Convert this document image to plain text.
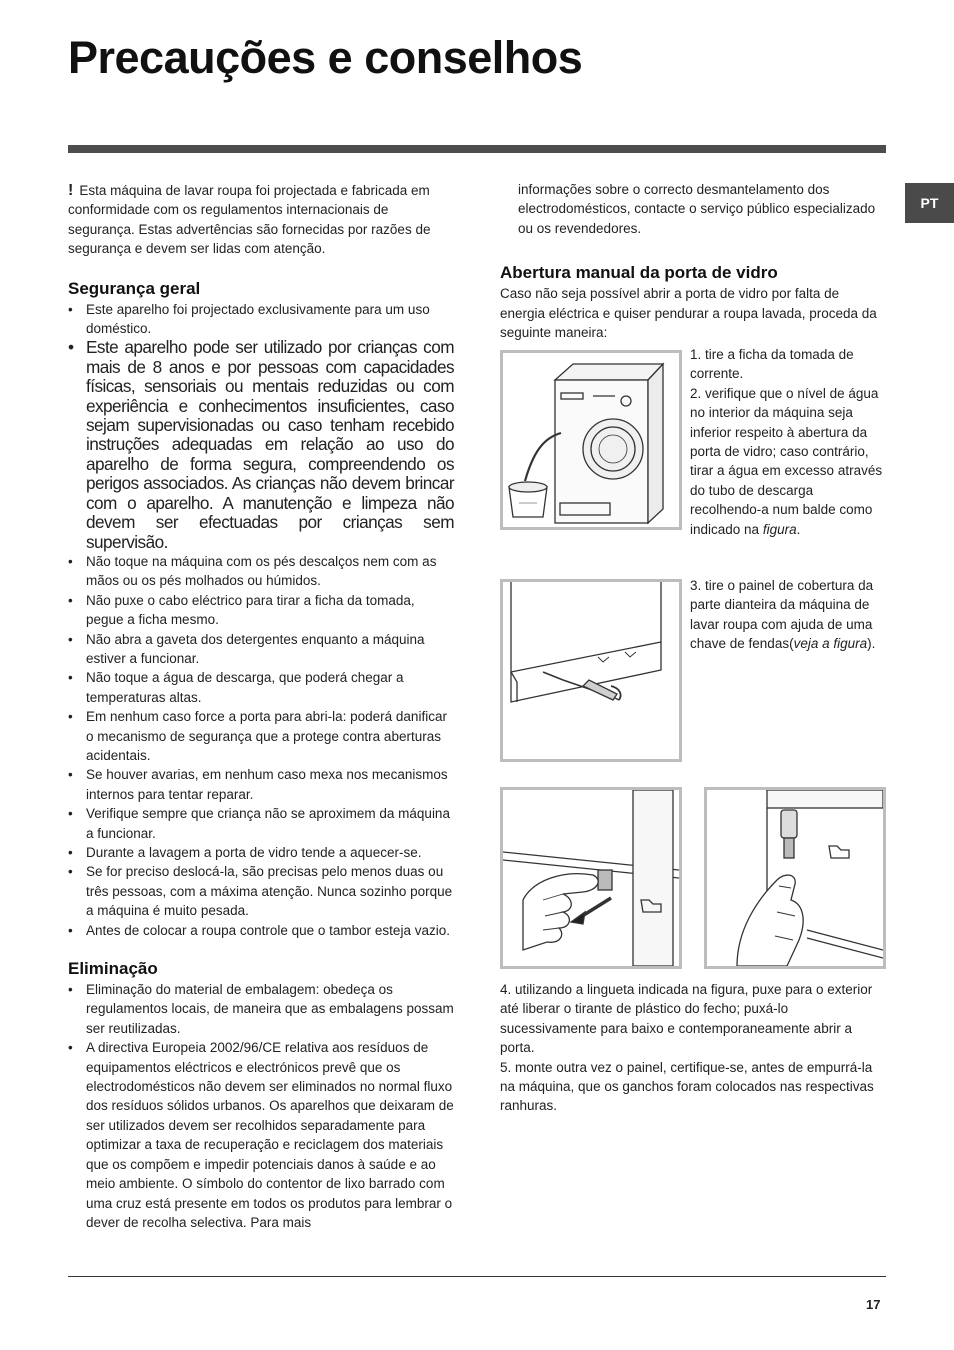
Precauções e conselhos
PT

! Esta máquina de lavar roupa foi projectada e fabricada em conformidade com os regulamentos internacionais de segurança. Estas advertências são fornecidas por razões de segurança e devem ser lidas com atenção.

Segurança geral
• Este aparelho foi projectado exclusivamente para um uso doméstico.
• Este aparelho pode ser utilizado por crianças com mais de 8 anos e por pessoas com capacidades físicas, sensoriais ou mentais reduzidas ou com experiência e conhecimentos insuficientes, caso sejam supervisionadas ou caso tenham recebido instruções adequadas em relação ao uso do aparelho de forma segura, compreendendo os perigos associados. As crianças não devem brincar com o aparelho. A manutenção e limpeza não devem ser efectuadas por crianças sem supervisão.
• Não toque na máquina com os pés descalços nem com as mãos ou os pés molhados ou húmidos.
• Não puxe o cabo eléctrico para tirar a ficha da tomada, pegue a ficha mesmo.
• Não abra a gaveta dos detergentes enquanto a máquina estiver a funcionar.
• Não toque a água de descarga, que poderá chegar a temperaturas altas.
• Em nenhum caso force a porta para abri-la: poderá danificar o mecanismo de segurança que a protege contra aberturas acidentais.
• Se houver avarias, em nenhum caso mexa nos mecanismos internos para tentar reparar.
• Verifique sempre que criança não se aproximem da máquina a funcionar.
• Durante a lavagem a porta de vidro tende a aquecer-se.
• Se for preciso deslocá-la, são precisas pelo menos duas ou três pessoas, com a máxima atenção. Nunca sozinho porque a máquina é muito pesada.
• Antes de colocar a roupa controle que o tambor esteja vazio.
Eliminação
• Eliminação do material de embalagem: obedeça os regulamentos locais, de maneira que as embalagens possam ser reutilizadas.
• A directiva Europeia 2002/96/CE relativa aos resíduos de equipamentos eléctricos e electrónicos prevê que os electrodomésticos não devem ser eliminados no normal fluxo dos resíduos sólidos urbanos. Os aparelhos que deixaram de ser utilizados devem ser recolhidos separadamente para optimizar a taxa de recuperação e reciclagem dos materiais que os compõem e impedir potenciais danos à saúde e ao meio ambiente. O símbolo do contentor de lixo barrado com uma cruz está presente em todos os produtos para lembrar o dever de recolha selectiva. Para mais

informações sobre o correcto desmantelamento dos electrodomésticos, contacte o serviço público especializado ou os revendedores.

Abertura manual da porta de vidro

Caso não seja possível abrir a porta de vidro por falta de energia eléctrica e quiser pendurar a roupa lavada, proceda da seguinte maneira:

1. tire a ficha da tomada de corrente.

2. verifique que o nível de água no interior da máquina seja inferior respeito à abertura da porta de vidro; caso contrário, tirar a água em excesso através do tubo de descarga recolhendo-a num balde como indicado na figura.

3. tire o painel de cobertura da parte dianteira da máquina de lavar roupa com ajuda de uma chave de fendas(veja a figura).

4. utilizando a lingueta indicada na figura, puxe para o exterior até liberar o tirante de plástico do fecho; puxá-lo sucessivamente para baixo e contemporaneamente abrir a porta.

5. monte outra vez o painel, certifique-se, antes de empurrá-la na máquina, que os ganchos foram colocados nas respectivas ranhuras.

17
